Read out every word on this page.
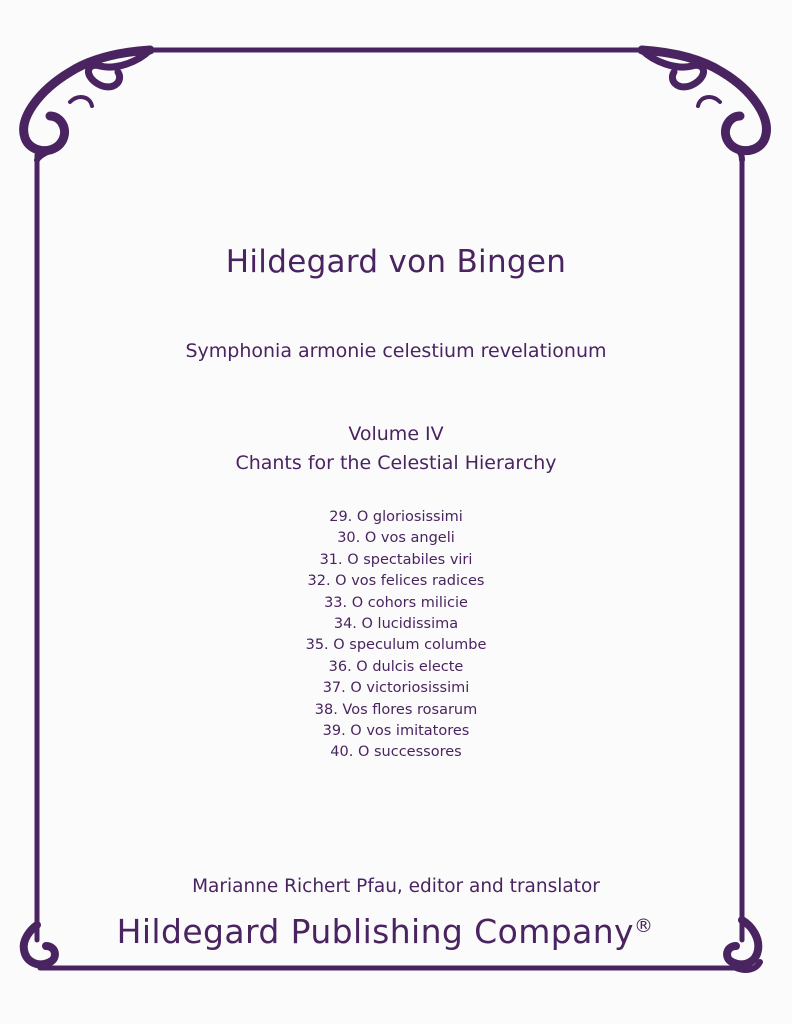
Hildegard von Bingen
Symphonia armonie celestium revelationum
Volume IV
Chants for the Celestial Hierarchy
29. O gloriosissimi
30. O vos angeli
31. O spectabiles viri
32. O vos felices radices
33. O cohors milicie
34. O lucidissima
35. O speculum columbe
36. O dulcis electe
37. O victoriosissimi
38. Vos flores rosarum
39. O vos imitatores
40. O successores
Marianne Richert Pfau, editor and translator
Hildegard Publishing Company®
